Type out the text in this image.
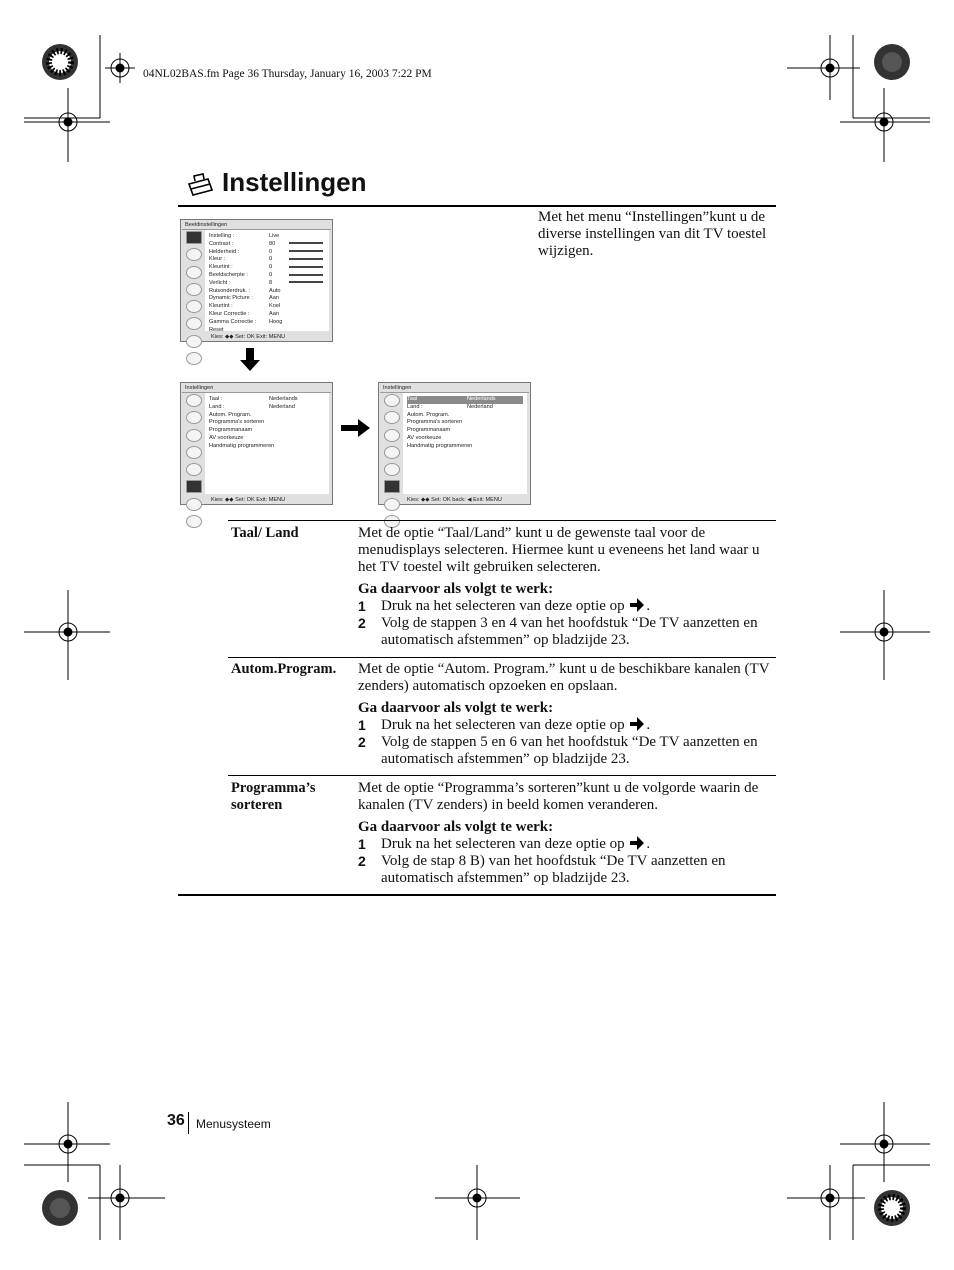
04NL02BAS.fm Page 36 Thursday, January 16, 2003 7:22 PM
Instellingen
Met het menu “Instellingen”kunt u de diverse instellingen van dit TV toestel wijzigen.
Beeldinstellingen
Instelling :	Live
Contrast :	80
Helderheid :	0
Kleur :	0
Kleurtint :	0
Beeldscherpte :	0
Verlicht :	8
Ruisonderdruk. :	Auto
Dynamic Picture :	Aan
Kleurtint :	Koel
Kleur Correctie :	Aan
Gamma Correctie : Hoog
Reset
Kies: ◆◆ Set: OK Exit: MENU
Instellingen
Taal :	Nederlands
Land :	Nederland
Autom. Program.
Programma's sorteren
Programmanaam
AV voorkeuze
Handmatig programmeren
Kies: ◆◆ Set: OK Exit: MENU
Instellingen
Taal	Nederlands
Land :	Nederland
Autom. Program.
Programma's sorteren
Programmanaam
AV voorkeuze
Handmatig programmeren
Kies: ◆◆ Set: OK back: ◀ Exit: MENU
Taal/ Land	Met de optie “Taal/Land” kunt u de gewenste taal voor de menudisplays selecteren. Hiermee kunt u eveneens het land waar u het TV toestel wilt gebruiken selecteren.

Ga daarvoor als volgt te werk:

1 Druk na het selecteren van deze optie op .
2 Volg de stappen 3 en 4 van het hoofdstuk “De TV aanzetten en automatisch afstemmen” op bladzijde 23.
Autom.Program.	Met de optie “Autom. Program.” kunt u de beschikbare kanalen (TV zenders) automatisch opzoeken en opslaan.

Ga daarvoor als volgt te werk:

1 Druk na het selecteren van deze optie op .
2 Volg de stappen 5 en 6 van het hoofdstuk “De TV aanzetten en automatisch afstemmen” op bladzijde 23.
Programma’s sorteren

Met de optie “Programma’s sorteren”kunt u de volgorde waarin de kanalen (TV zenders) in beeld komen veranderen.

Ga daarvoor als volgt te werk:

1 Druk na het selecteren van deze optie op .
2 Volg de stap 8 B) van het hoofdstuk “De TV aanzetten en automatisch afstemmen” op bladzijde 23.
36 Menusysteem
